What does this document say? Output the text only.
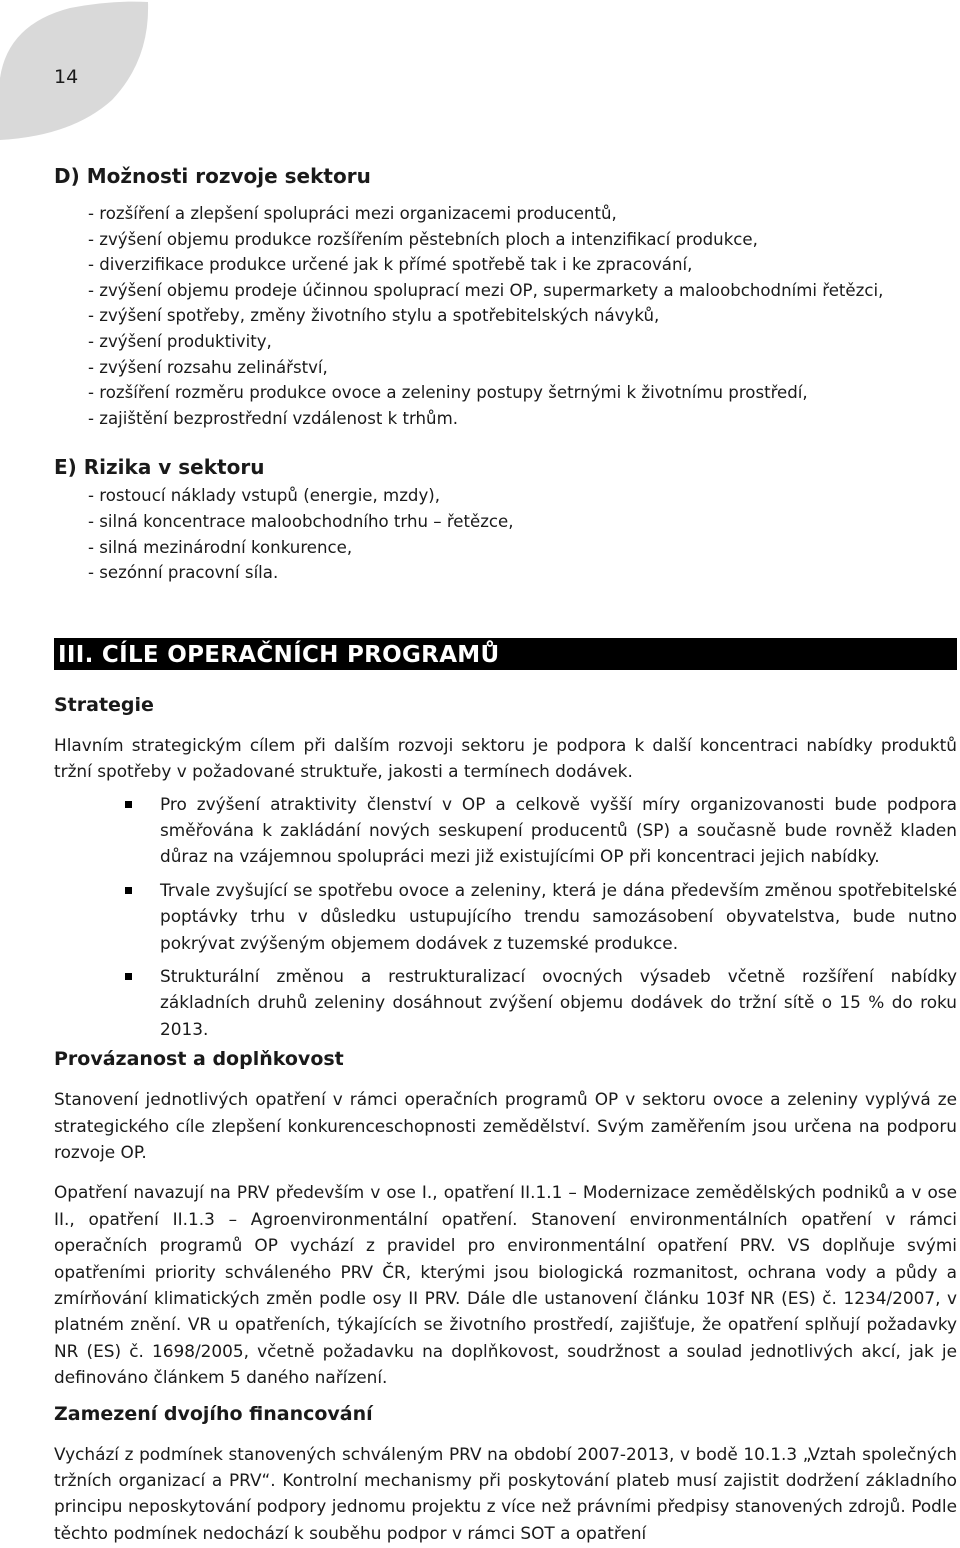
14
D) Možnosti rozvoje sektoru
- rozšíření a zlepšení spolupráci mezi organizacemi producentů,
- zvýšení objemu produkce rozšířením pěstebních ploch a intenzifikací produkce,
- diverzifikace produkce určené jak k přímé spotřebě tak i ke zpracování,
- zvýšení objemu prodeje účinnou spoluprací mezi OP, supermarkety a maloobchodními řetězci,
- zvýšení spotřeby, změny životního stylu a spotřebitelských návyků,
- zvýšení produktivity,
- zvýšení rozsahu zelinářství,
- rozšíření rozměru produkce ovoce a zeleniny postupy šetrnými k životnímu prostředí,
- zajištění bezprostřední vzdálenost k trhům.
E) Rizika v sektoru
- rostoucí náklady vstupů (energie, mzdy),
- silná koncentrace maloobchodního trhu – řetězce,
- silná mezinárodní konkurence,
- sezónní pracovní síla.
III. CÍLE OPERAČNÍCH PROGRAMŮ
Strategie

Hlavním strategickým cílem při dalším rozvoji sektoru je podpora k další koncentraci nabídky produktů tržní spotřeby v požadované struktuře, jakosti a termínech dodávek.

Pro zvýšení atraktivity členství v OP a celkově vyšší míry organizovanosti bude podpora směřována k zakládání nových seskupení producentů (SP) a současně bude rovněž kladen důraz na vzájemnou spolupráci mezi již existujícími OP při koncentraci jejich nabídky.
Trvale zvyšující se spotřebu ovoce a zeleniny, která je dána především změnou spotřebitelské poptávky trhu v důsledku ustupujícího trendu samozásobení obyvatelstva, bude nutno pokrývat zvýšeným objemem dodávek z tuzemské produkce.
Strukturální změnou a restrukturalizací ovocných výsadeb včetně rozšíření nabídky základních druhů zeleniny dosáhnout zvýšení objemu dodávek do tržní sítě o 15 % do roku 2013.
Provázanost a doplňkovost

Stanovení jednotlivých opatření v rámci operačních programů OP v sektoru ovoce a zeleniny vyplývá ze strategického cíle zlepšení konkurenceschopnosti zemědělství. Svým zaměřením jsou určena na podporu rozvoje OP.

Opatření navazují na PRV především v ose I., opatření II.1.1 – Modernizace zemědělských podniků a v ose II., opatření II.1.3 – Agroenvironmentální opatření. Stanovení environmentálních opatření v rámci operačních programů OP vychází z pravidel pro environmentální opatření PRV. VS doplňuje svými opatřeními priority schváleného PRV ČR, kterými jsou biologická rozmanitost, ochrana vody a půdy a zmírňování klimatických změn podle osy II PRV. Dále dle ustanovení článku 103f NR (ES) č. 1234/2007, v platném znění. VR u opatřeních, týkajících se životního prostředí, zajišťuje, že opatření splňují požadavky NR (ES) č. 1698/2005, včetně požadavku na doplňkovost, soudržnost a soulad jednotlivých akcí, jak je definováno článkem 5 daného nařízení.

Zamezení dvojího financování

Vychází z podmínek stanovených schváleným PRV na období 2007-2013, v bodě 10.1.3 „Vztah společných tržních organizací a PRV“. Kontrolní mechanismy při poskytování plateb musí zajistit dodržení základního principu neposkytování podpory jednomu projektu z více než právními předpisy stanovených zdrojů. Podle těchto podmínek nedochází k souběhu podpor v rámci SOT a opatření
